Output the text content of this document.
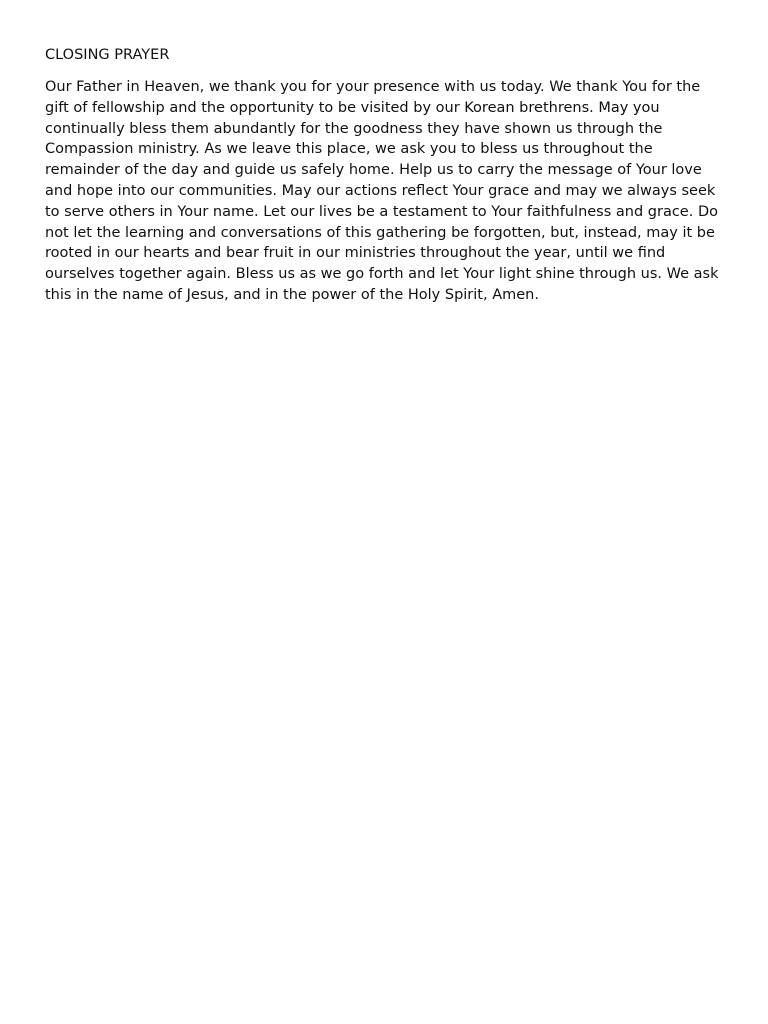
CLOSING PRAYER

Our Father in Heaven, we thank you for your presence with us today. We thank You for the gift of fellowship and the opportunity to be visited by our Korean brethrens. May you continually bless them abundantly for the goodness they have shown us through the Compassion ministry. As we leave this place, we ask you to bless us throughout the remainder of the day and guide us safely home. Help us to carry the message of Your love and hope into our communities. May our actions reflect Your grace and may we always seek to serve others in Your name. Let our lives be a testament to Your faithfulness and grace. Do not let the learning and conversations of this gathering be forgotten, but, instead, may it be rooted in our hearts and bear fruit in our ministries throughout the year, until we find ourselves together again. Bless us as we go forth and let Your light shine through us. We ask this in the name of Jesus, and in the power of the Holy Spirit, Amen.
